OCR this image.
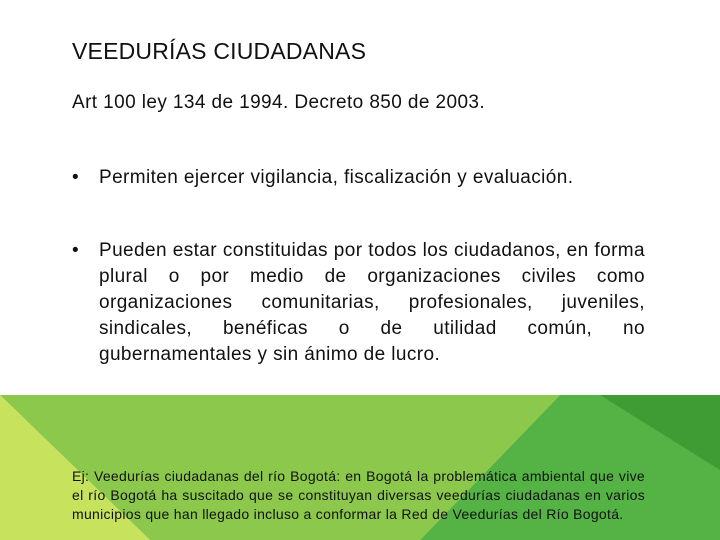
VEEDURÍAS CIUDADANAS
Art 100 ley 134 de 1994. Decreto 850 de 2003.
• Permiten ejercer vigilancia, fiscalización y evaluación.
• Pueden estar constituidas por todos los ciudadanos, en forma plural o por medio de organizaciones civiles como organizaciones comunitarias, profesionales, juveniles, sindicales, benéficas o de utilidad común, no gubernamentales y sin ánimo de lucro.
Ej: Veedurías ciudadanas del río Bogotá: en Bogotá la problemática ambiental que vive el río Bogotá ha suscitado que se constituyan diversas veedurías ciudadanas en varios municipios que han llegado incluso a conformar la Red de Veedurías del Río Bogotá.
